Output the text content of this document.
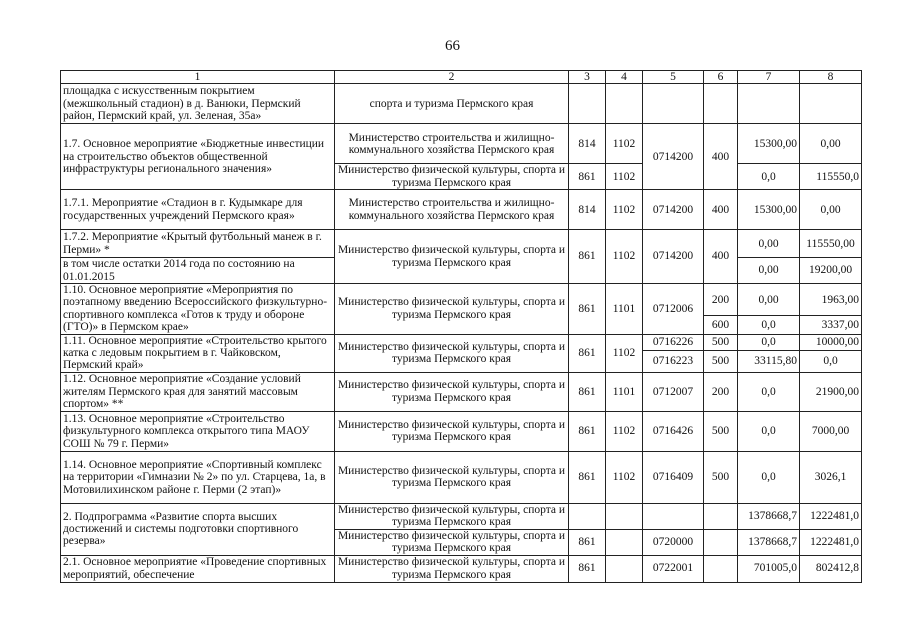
66
1	2	3	4	5	6	7	8
площадка с искусственным покрытием (межшкольный стадион) в д. Ванюки, Пермский район, Пермский край, ул. Зеленая, 35а»	спорта и туризма Пермского края						
1.7. Основное мероприятие «Бюджетные инвестиции на строительство объектов общественной инфраструктуры регионального значения»	Министерство строительства и жилищно-коммунального хозяйства Пермского края	814	1102	0714200	400	15300,00	0,00
	Министерство физической культуры, спорта и туризма Пермского края	861	1102			0,0	115550,0
1.7.1. Мероприятие «Стадион в г. Кудымкаре для государственных учреждений Пермского края»	Министерство строительства и жилищно-коммунального хозяйства Пермского края	814	1102	0714200	400	15300,00	0,00
1.7.2. Мероприятие «Крытый футбольный манеж в г. Перми» *	Министерство физической культуры, спорта и туризма Пермского края	861	1102	0714200	400	0,00	115550,00
в том числе остатки 2014 года по состоянию на 01.01.2015						0,00	19200,00
1.10. Основное мероприятие «Мероприятия по поэтапному введению Всероссийского физкультурно-спортивного комплекса «Готов к труду и обороне (ГТО)» в Пермском крае»	Министерство физической культуры, спорта и туризма Пермского края	861	1101	0712006	200	0,00	1963,00
					600	0,0	3337,00
1.11. Основное мероприятие «Строительство крытого катка с ледовым покрытием в г. Чайковском, Пермский край»	Министерство физической культуры, спорта и туризма Пермского края	861	1102	0716226	500	0,0	10000,00
				0716223	500	33115,80	0,0
1.12. Основное мероприятие «Создание условий жителям Пермского края для занятий массовым спортом» **	Министерство физической культуры, спорта и туризма Пермского края	861	1101	0712007	200	0,0	21900,00
1.13. Основное мероприятие «Строительство физкультурного комплекса открытого типа МАОУ СОШ № 79 г. Перми»	Министерство физической культуры, спорта и туризма Пермского края	861	1102	0716426	500	0,0	7000,00
1.14. Основное мероприятие «Спортивный комплекс на территории «Гимназии № 2» по ул. Старцева, 1а, в Мотовилихинском районе г. Перми (2 этап)»	Министерство физической культуры, спорта и туризма Пермского края	861	1102	0716409	500	0,0	3026,1
2. Подпрограмма «Развитие спорта высших достижений и системы подготовки спортивного резерва»	Министерство физической культуры, спорта и туризма Пермского края					1378668,7	1222481,0
	Министерство физической культуры, спорта и туризма Пермского края	861		0720000		1378668,7	1222481,0
2.1. Основное мероприятие «Проведение спортивных мероприятий, обеспечение	Министерство физической культуры, спорта и туризма Пермского края	861		0722001		701005,0	802412,8
